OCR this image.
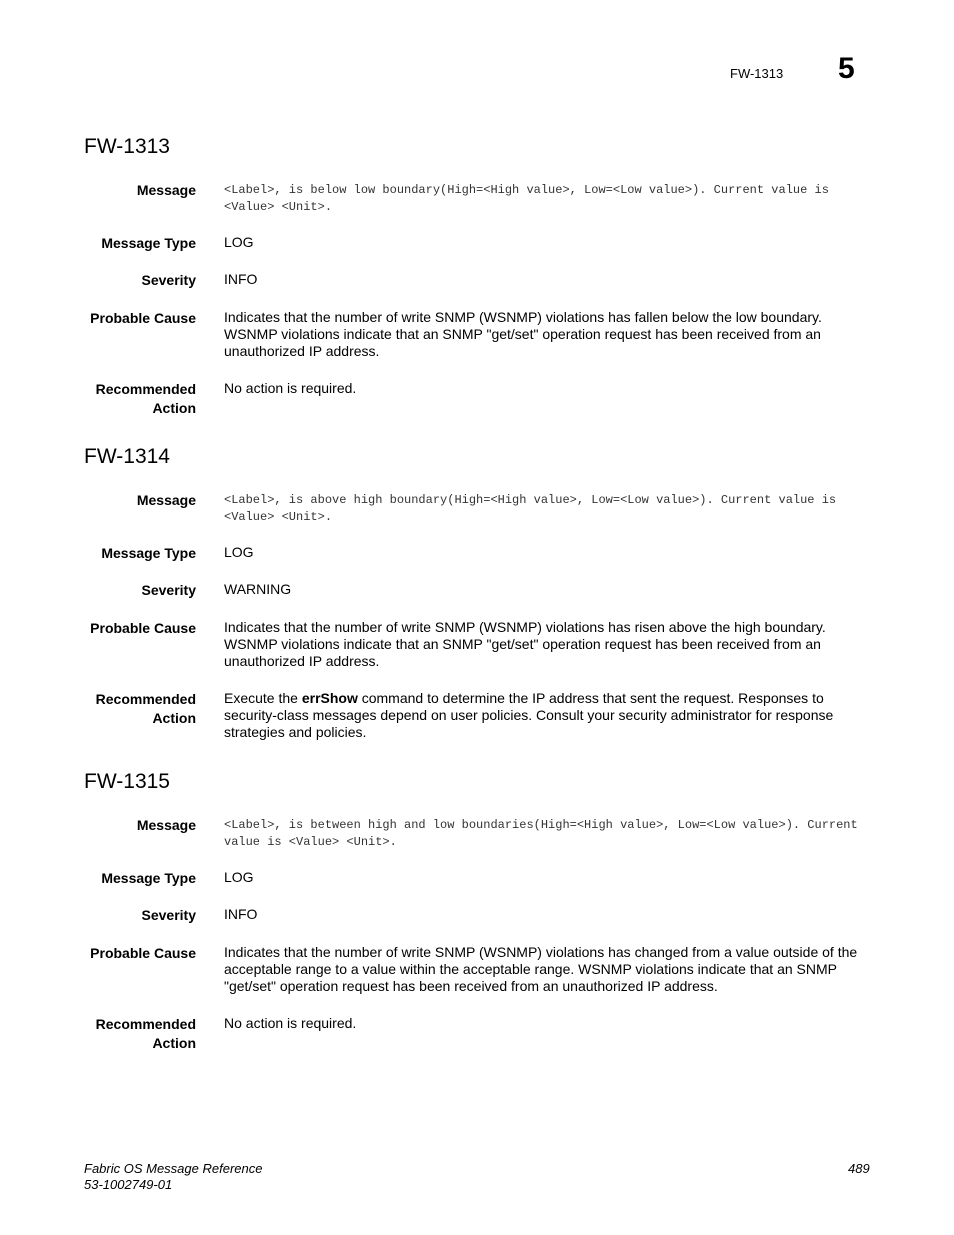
FW-1313 5
FW-1313
Message <Label>, is below low boundary(High=<High value>, Low=<Low value>). Current value is <Value> <Unit>.
Message Type LOG
Severity INFO
Probable Cause Indicates that the number of write SNMP (WSNMP) violations has fallen below the low boundary. WSNMP violations indicate that an SNMP "get/set" operation request has been received from an unauthorized IP address.
Recommended
Action
No action is required.
FW-1314
Message <Label>, is above high boundary(High=<High value>, Low=<Low value>). Current value is <Value> <Unit>.
Message Type LOG
Severity WARNING
Probable Cause Indicates that the number of write SNMP (WSNMP) violations has risen above the high boundary. WSNMP violations indicate that an SNMP "get/set" operation request has been received from an unauthorized IP address.
Recommended
Action
Execute the errShow command to determine the IP address that sent the request. Responses to security-class messages depend on user policies. Consult your security administrator for response strategies and policies.
FW-1315
Message <Label>, is between high and low boundaries(High=<High value>, Low=<Low value>). Current value is <Value> <Unit>.
Message Type LOG
Severity INFO
Probable Cause Indicates that the number of write SNMP (WSNMP) violations has changed from a value outside of the acceptable range to a value within the acceptable range. WSNMP violations indicate that an SNMP "get/set" operation request has been received from an unauthorized IP address.
Recommended
Action
No action is required.
Fabric OS Message Reference
53-1002749-01
489
